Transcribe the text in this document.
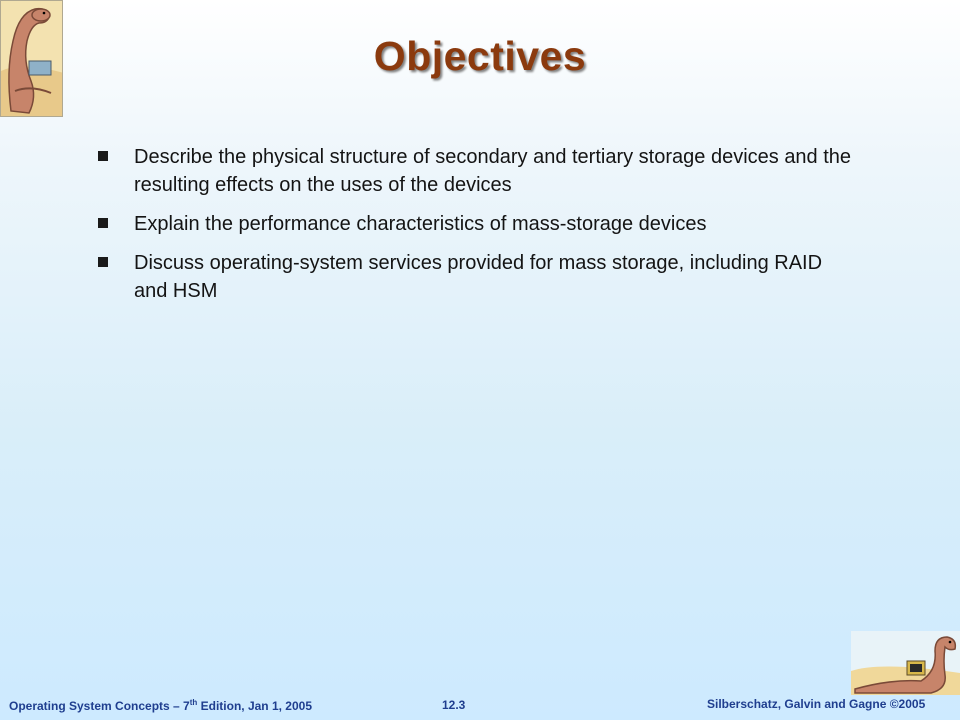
Objectives
Describe the physical structure of secondary and tertiary storage devices and the resulting effects on the uses of the devices
Explain the performance characteristics of mass-storage devices
Discuss operating-system services provided for mass storage, including RAID and HSM
Operating System Concepts – 7th Edition, Jan 1, 2005	12.3	Silberschatz, Galvin and Gagne ©2005
